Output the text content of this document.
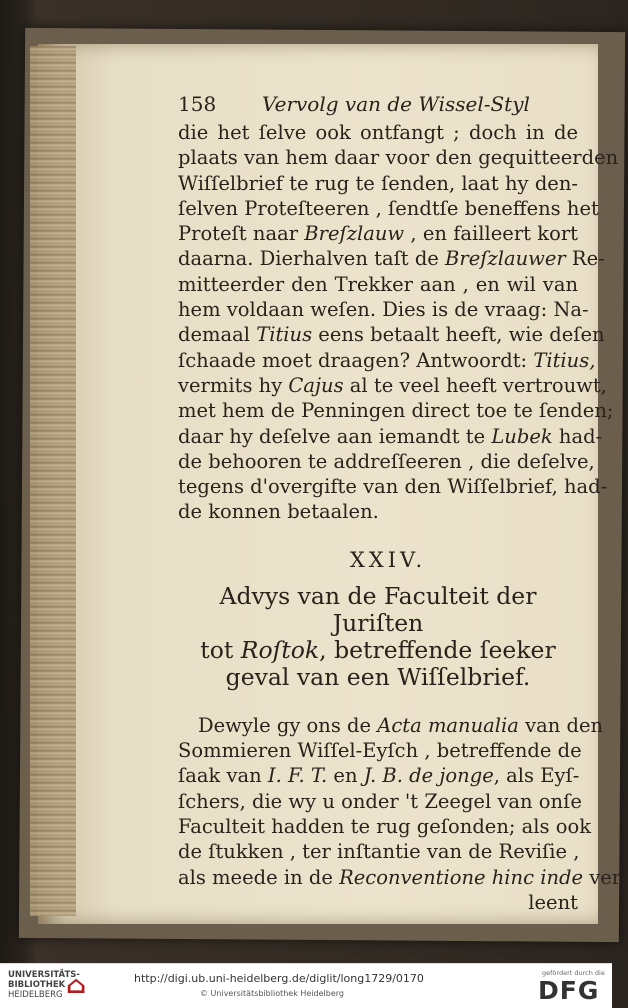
158 Vervolg van de Wissel-Styl
die het ſelve ook ontfangt ; doch in de
plaats van hem daar voor den gequitteerden
Wiſſelbrief te rug te ſenden, laat hy den-
ſelven Proteſteeren , ſendtſe beneffens het
Proteſt naar Breſzlauw , en failleert kort
daarna. Dierhalven taſt de Breſzlauwer Re-
mitteerder den Trekker aan , en wil van
hem voldaan weſen. Dies is de vraag: Na-
demaal Titius eens betaalt heeft, wie deſen
ſchaade moet draagen? Antwoordt: Titius,
vermits hy Cajus al te veel heeft vertrouwt,
met hem de Penningen direct toe te ſenden;
daar hy deſelve aan iemandt te Lubek had-
de behooren te addreſſeeren , die deſelve,
tegens d'overgifte van den Wiſſelbrief, had-
de konnen betaalen.
XXIV.
Advys van de Faculteit der Juriſten
tot Roſtok, betreffende ſeeker
geval van een Wiſſelbrief.
Dewyle gy ons de Acta manualia van den
Sommieren Wiſſel-Eyſch , betreffende de
ſaak van I. F. T. en J. B. de jonge, als Eyſ-
ſchers, die wy u onder 't Zeegel van onſe
Faculteit hadden te rug geſonden; als ook
de ſtukken , ter inſtantie van de Reviſie ,
als meede in de Reconventione hinc inde ver-
leent
UNIVERSITÄTS-
BIBLIOTHEK
HEIDELBERG ⌂	http://digi.ub.uni-heidelberg.de/diglit/long1729/0170
© Universitätsbibliothek Heidelberg
gefördert durch die
DFG
